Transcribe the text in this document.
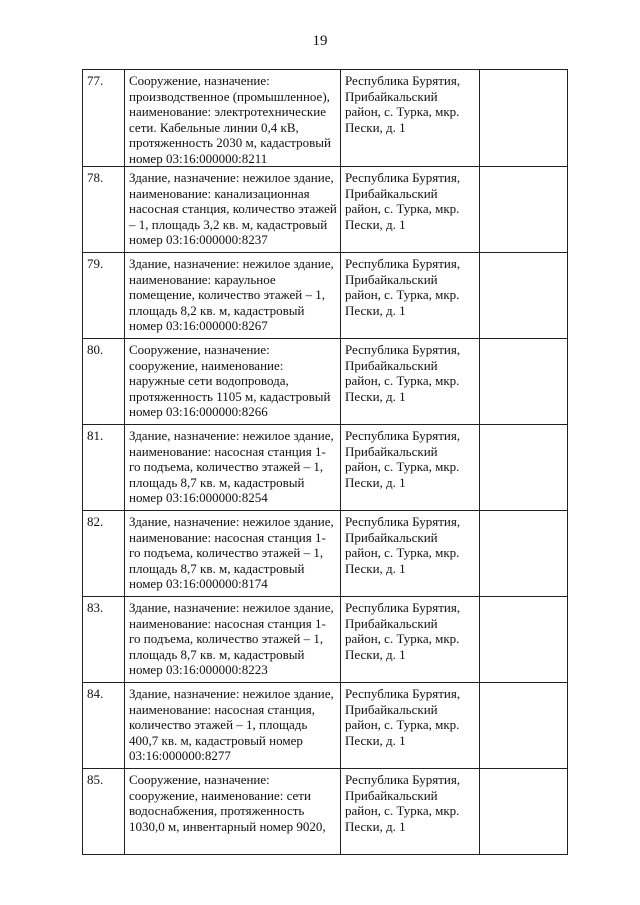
19
77.	Сооружение, назначение: производственное (промышленное), наименование: электротехнические сети. Кабельные линии 0,4 кВ, протяженность 2030 м, кадастровый номер 03:16:000000:8211	Республика Бурятия, Прибайкальский район, с. Турка, мкр. Пески, д. 1	
78.	Здание, назначение: нежилое здание, наименование: канализационная насосная станция, количество этажей – 1, площадь 3,2 кв. м, кадастровый номер 03:16:000000:8237	Республика Бурятия, Прибайкальский район, с. Турка, мкр. Пески, д. 1	
79.	Здание, назначение: нежилое здание, наименование: караульное помещение, количество этажей – 1, площадь 8,2 кв. м, кадастровый номер 03:16:000000:8267	Республика Бурятия, Прибайкальский район, с. Турка, мкр. Пески, д. 1	
80.	Сооружение, назначение: сооружение, наименование: наружные сети водопровода, протяженность 1105 м, кадастровый номер 03:16:000000:8266	Республика Бурятия, Прибайкальский район, с. Турка, мкр. Пески, д. 1	
81.	Здание, назначение: нежилое здание, наименование: насосная станция 1-го подъема, количество этажей – 1, площадь 8,7 кв. м, кадастровый номер 03:16:000000:8254	Республика Бурятия, Прибайкальский район, с. Турка, мкр. Пески, д. 1	
82.	Здание, назначение: нежилое здание, наименование: насосная станция 1-го подъема, количество этажей – 1, площадь 8,7 кв. м, кадастровый номер 03:16:000000:8174	Республика Бурятия, Прибайкальский район, с. Турка, мкр. Пески, д. 1	
83.	Здание, назначение: нежилое здание, наименование: насосная станция 1-го подъема, количество этажей – 1, площадь 8,7 кв. м, кадастровый номер 03:16:000000:8223	Республика Бурятия, Прибайкальский район, с. Турка, мкр. Пески, д. 1	
84.	Здание, назначение: нежилое здание, наименование: насосная станция, количество этажей – 1, площадь 400,7 кв. м, кадастровый номер 03:16:000000:8277	Республика Бурятия, Прибайкальский район, с. Турка, мкр. Пески, д. 1	
85.	Сооружение, назначение: сооружение, наименование: сети водоснабжения, протяженность 1030,0 м, инвентарный номер 9020,	Республика Бурятия, Прибайкальский район, с. Турка, мкр. Пески, д. 1	
